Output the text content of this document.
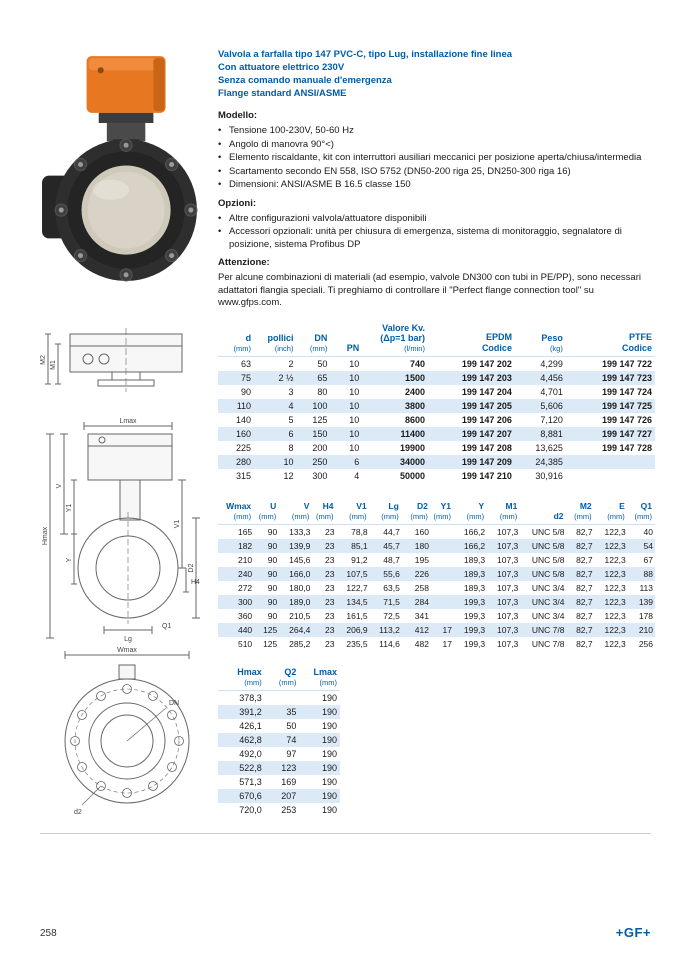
M2
M1
Lmax
Hmax
V
Y1
Y
V1
H4
Lg
D2
Q1
Wmax
DN
d2
Valvola a farfalla tipo 147 PVC-C, tipo Lug, installazione fine linea
Con attuatore elettrico 230V
Senza comando manuale d'emergenza
Flange standard ANSI/ASME
Modello:
• Tensione 100-230V, 50-60 Hz
• Angolo di manovra 90°<)
• Elemento riscaldante, kit con interruttori ausiliari meccanici per posizione aperta/chiusa/intermedia
• Scartamento secondo EN 558, ISO 5752 (DN50-200 riga 25, DN250-300 riga 16)
• Dimensioni: ANSI/ASME B 16.5 classe 150
Opzioni:
• Altre configurazioni valvola/attuatore disponibili
• Accessori opzionali: unità per chiusura di emergenza, sistema di monitoraggio, segnalatore di posizione, sistema Profibus DP
Attenzione:
Per alcune combinazioni di materiali (ad esempio, valvole DN300 con tubi in PE/PP), sono necessari adattatori flangia speciali. Ti preghiamo di controllare il "Perfect flange connection tool" su www.gfps.com.
d
(mm)

pollici
(inch)

DN
(mm)	PN

Valore Kv.
(Δp=1 bar)
(l/min)

EPDM
Codice

Peso
(kg)

PTFE
Codice

63	2	50	10	740	199 147 202	4,299	199 147 722
75	2 ½	65	10	1500	199 147 203	4,456	199 147 723
90	3	80	10	2400	199 147 204	4,701	199 147 724
110	4	100	10	3800	199 147 205	5,606	199 147 725
140	5	125	10	8600	199 147 206	7,120	199 147 726
160	6	150	10	11400	199 147 207	8,881	199 147 727
225	8	200	10	19900	199 147 208	13,625	199 147 728
280	10	250	6	34000	199 147 209	24,385	
315	12	300	4	50000	199 147 210	30,916	
Wmax
(mm)

U
(mm)

V
(mm)

H4
(mm)

V1
(mm)

Lg
(mm)

D2
(mm)

Y1
(mm)

Y
(mm)

M1
(mm)	d2

M2
(mm)

E
(mm)

Q1
(mm)

165	90	133,3	23	78,8	44,7	160		166,2	107,3	UNC 5/8	82,7	122,3	40
182	90	139,9	23	85,1	45,7	180		166,2	107,3	UNC 5/8	82,7	122,3	54
210	90	145,6	23	91,2	48,7	195		189,3	107,3	UNC 5/8	82,7	122,3	67
240	90	166,0	23	107,5	55,6	226		189,3	107,3	UNC 5/8	82,7	122,3	88
272	90	180,0	23	122,7	63,5	258		189,3	107,3	UNC 3/4	82,7	122,3	113
300	90	189,0	23	134,5	71,5	284		199,3	107,3	UNC 3/4	82,7	122,3	139
360	90	210,5	23	161,5	72,5	341		199,3	107,3	UNC 3/4	82,7	122,3	178
440	125	264,4	23	206,9	113,2	412	17	199,3	107,3	UNC 7/8	82,7	122,3	210
510	125	285,2	23	235,5	114,6	482	17	199,3	107,3	UNC 7/8	82,7	122,3	256
Hmax
(mm)

Q2
(mm)

Lmax
(mm)

378,3		190
391,2	35	190
426,1	50	190
462,8	74	190
492,0	97	190
522,8	123	190
571,3	169	190
670,6	207	190
720,0	253	190
258	+GF+
